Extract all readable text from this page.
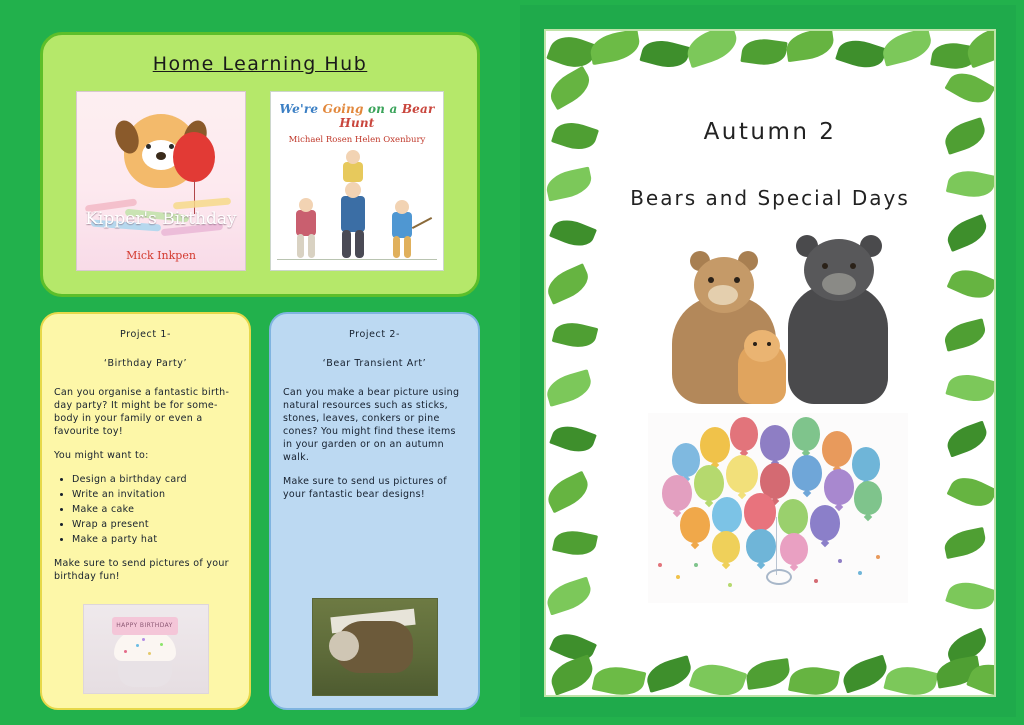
Home Learning Hub
Kipper's Birthday
Mick Inkpen
We're Going on a Bear Hunt
Michael Rosen Helen Oxenbury
Project 1-
‘Birthday Party’

Can you organise a fantastic birth-day party? It might be for some-body in your family or even a favourite toy!

You might want to:

• Design a birthday card
• Write an invitation
• Make a cake
• Wrap a present
• Make a party hat

Make sure to send pictures of your birthday fun!

HAPPY BIRTHDAY
Project 2-
‘Bear Transient Art’

Can you make a bear picture using natural resources such as sticks, stones, leaves, conkers or pine cones? You might find these items in your garden or on an autumn walk.

Make sure to send us pictures of your fantastic bear designs!

Autumn 2
Bears and Special Days
